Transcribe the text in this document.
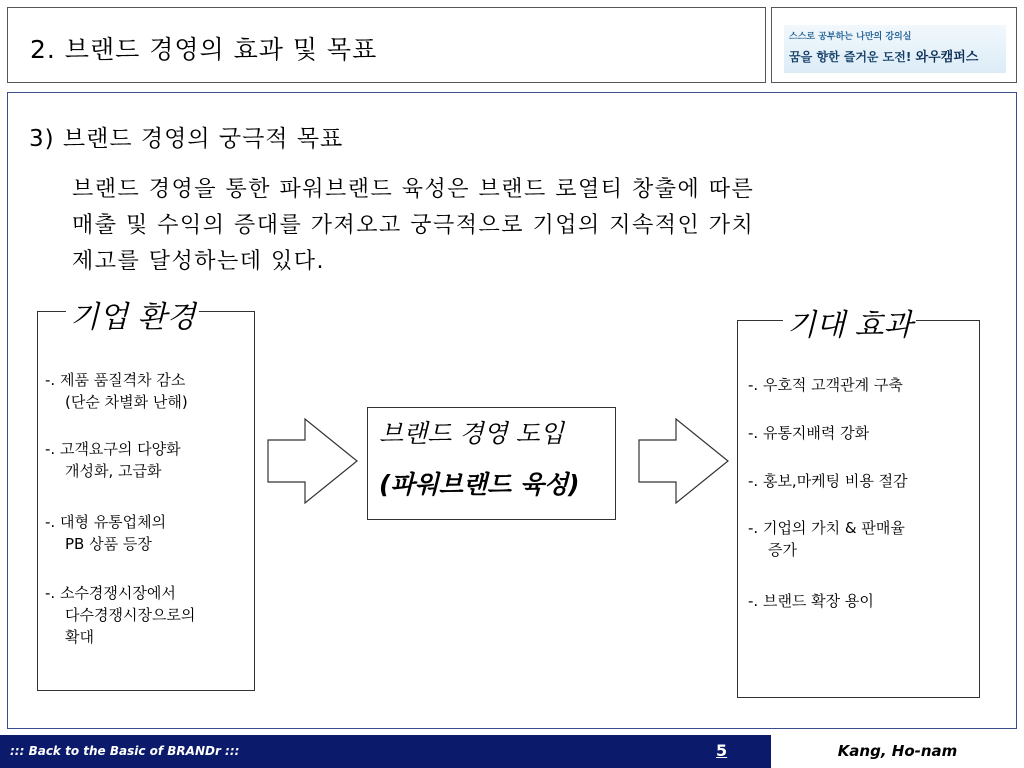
2. 브랜드 경영의 효과 및 목표	스스로 공부하는 나만의 강의실
꿈을 향한 즐거운 도전! 와우캠퍼스
3) 브랜드 경영의 궁극적 목표
브랜드 경영을 통한 파워브랜드 육성은 브랜드 로열티 창출에 따른
매출 및 수익의 증대를 가져오고 궁극적으로 기업의 지속적인 가치
제고를 달성하는데 있다.
기업 환경
-. 제품 품질격차 감소
(단순 차별화 난해)
-. 고객요구의 다양화
개성화, 고급화
-. 대형 유통업체의
PB 상품 등장
-. 소수경쟁시장에서
다수경쟁시장으로의
확대
브랜드 경영 도입
(파워브랜드 육성)
기대 효과
-. 우호적 고객관계 구축
-. 유통지배력 강화
-. 홍보,마케팅 비용 절감
-. 기업의 가치 & 판매율
증가
-. 브랜드 확장 용이
::: Back to the Basic of BRANDr :::	5	Kang, Ho-nam
